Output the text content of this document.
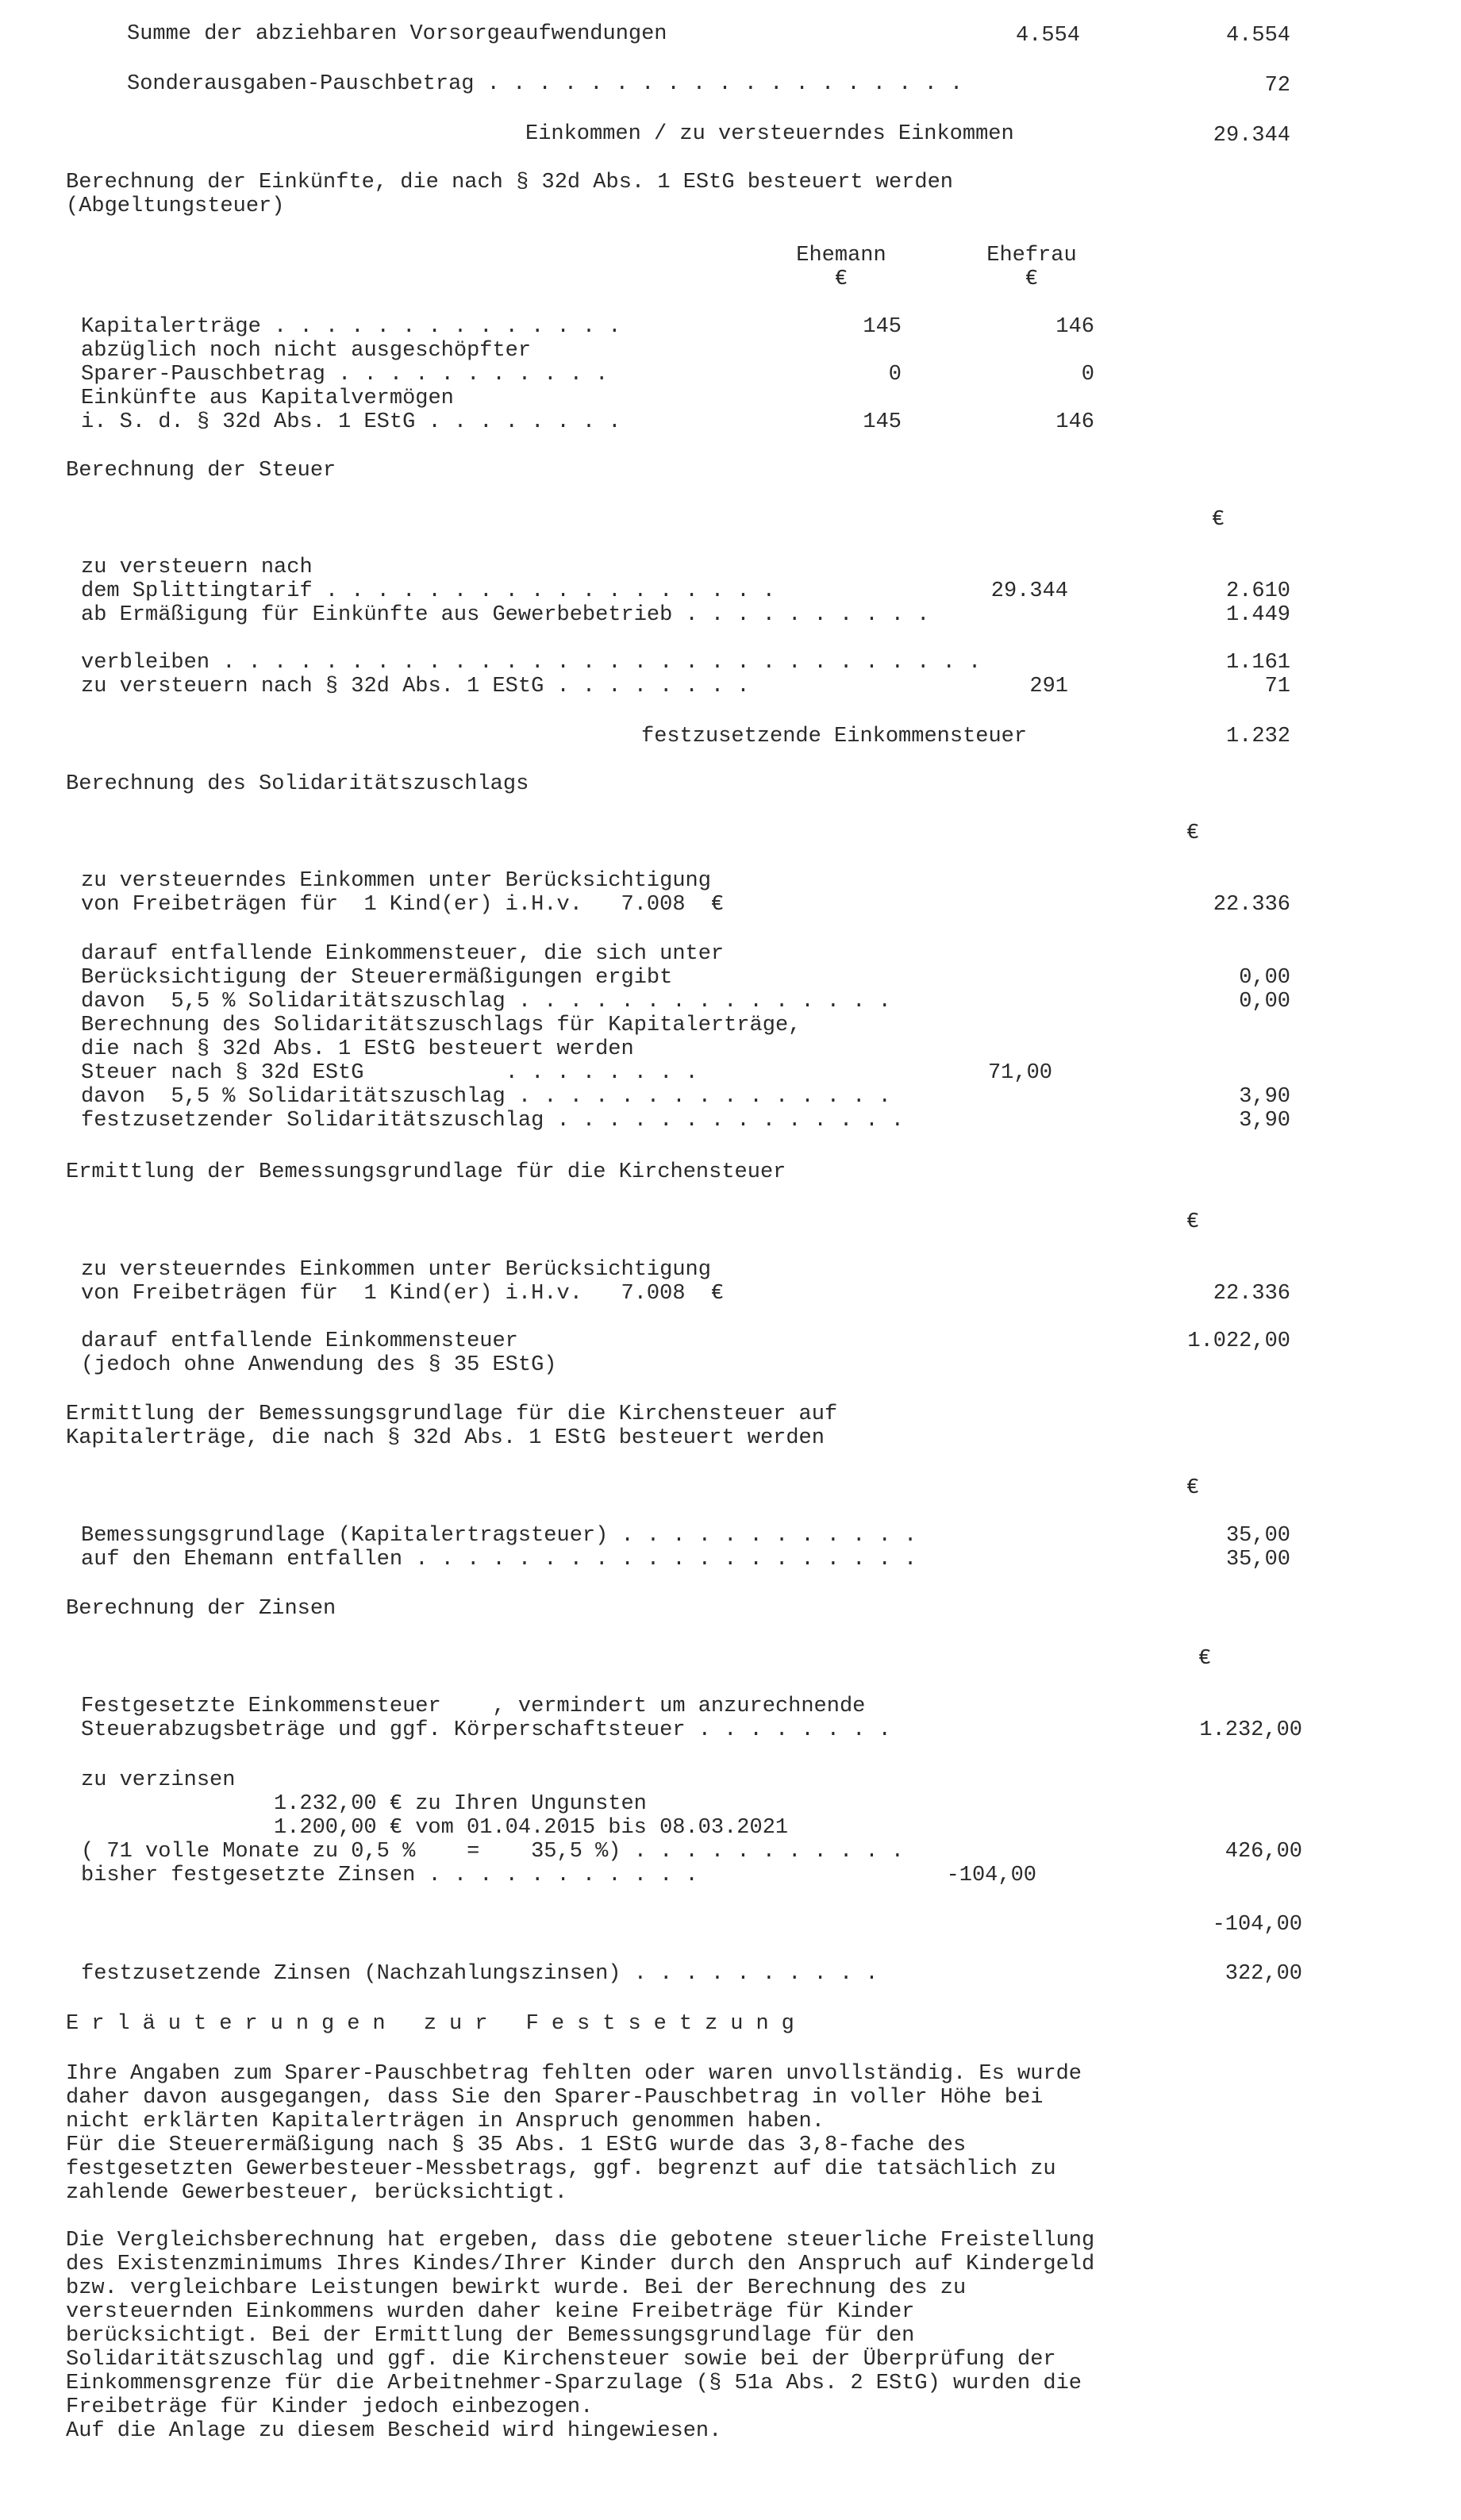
Summe der abziehbaren Vorsorgeaufwendungen	4.554	4.554
Sonderausgaben-Pauschbetrag . . . . . . . . . . . . . . . . . . .	72
Einkommen / zu versteuerndes Einkommen	29.344
Berechnung der Einkünfte, die nach § 32d Abs. 1 EStG besteuert werden
(Abgeltungsteuer)
Ehemann	Ehefrau
€	€
Kapitalerträge . . . . . . . . . . . . . .	145	146
abzüglich noch nicht ausgeschöpfter
Sparer-Pauschbetrag . . . . . . . . . . .	0	0
Einkünfte aus Kapitalvermögen
i. S. d. § 32d Abs. 1 EStG . . . . . . . .	145	146
Berechnung der Steuer
€
zu versteuern nach
dem Splittingtarif . . . . . . . . . . . . . . . . . .	29.344	2.610
ab Ermäßigung für Einkünfte aus Gewerbebetrieb . . . . . . . . . .	1.449
verbleiben . . . . . . . . . . . . . . . . . . . . . . . . . . . . . .	1.161
zu versteuern nach § 32d Abs. 1 EStG . . . . . . . .	291	71
festzusetzende Einkommensteuer	1.232
Berechnung des Solidaritätszuschlags
€
zu versteuerndes Einkommen unter Berücksichtigung
von Freibeträgen für  1 Kind(er) i.H.v.   7.008  €	22.336
darauf entfallende Einkommensteuer, die sich unter
Berücksichtigung der Steuerermäßigungen ergibt	0,00
davon  5,5 % Solidaritätszuschlag . . . . . . . . . . . . . . .	0,00
Berechnung des Solidaritätszuschlags für Kapitalerträge,
die nach § 32d Abs. 1 EStG besteuert werden
Steuer nach § 32d EStG           . . . . . . . .	71,00
davon  5,5 % Solidaritätszuschlag . . . . . . . . . . . . . . .	3,90
festzusetzender Solidaritätszuschlag . . . . . . . . . . . . . .	3,90
Ermittlung der Bemessungsgrundlage für die Kirchensteuer
€
zu versteuerndes Einkommen unter Berücksichtigung
von Freibeträgen für  1 Kind(er) i.H.v.   7.008  €	22.336
darauf entfallende Einkommensteuer	1.022,00
(jedoch ohne Anwendung des § 35 EStG)
Ermittlung der Bemessungsgrundlage für die Kirchensteuer auf
Kapitalerträge, die nach § 32d Abs. 1 EStG besteuert werden
€
Bemessungsgrundlage (Kapitalertragsteuer) . . . . . . . . . . . .	35,00
auf den Ehemann entfallen . . . . . . . . . . . . . . . . . . . .	35,00
Berechnung der Zinsen
€
Festgesetzte Einkommensteuer    , vermindert um anzurechnende
Steuerabzugsbeträge und ggf. Körperschaftsteuer . . . . . . . .	1.232,00
zu verzinsen
1.232,00 € zu Ihren Ungunsten
1.200,00 € vom 01.04.2015 bis 08.03.2021
( 71 volle Monate zu 0,5 %    =    35,5 %) . . . . . . . . . . .	426,00
bisher festgesetzte Zinsen . . . . . . . . . . .	-104,00
-104,00
festzusetzende Zinsen (Nachzahlungszinsen) . . . . . . . . . .	322,00
Erläuterungen zur Festsetzung
Ihre Angaben zum Sparer-Pauschbetrag fehlten oder waren unvollständig. Es wurde
daher davon ausgegangen, dass Sie den Sparer-Pauschbetrag in voller Höhe bei
nicht erklärten Kapitalerträgen in Anspruch genommen haben.
Für die Steuerermäßigung nach § 35 Abs. 1 EStG wurde das 3,8-fache des
festgesetzten Gewerbesteuer-Messbetrags, ggf. begrenzt auf die tatsächlich zu
zahlende Gewerbesteuer, berücksichtigt.
Die Vergleichsberechnung hat ergeben, dass die gebotene steuerliche Freistellung
des Existenzminimums Ihres Kindes/Ihrer Kinder durch den Anspruch auf Kindergeld
bzw. vergleichbare Leistungen bewirkt wurde. Bei der Berechnung des zu
versteuernden Einkommens wurden daher keine Freibeträge für Kinder
berücksichtigt. Bei der Ermittlung der Bemessungsgrundlage für den
Solidaritätszuschlag und ggf. die Kirchensteuer sowie bei der Überprüfung der
Einkommensgrenze für die Arbeitnehmer-Sparzulage (§ 51a Abs. 2 EStG) wurden die
Freibeträge für Kinder jedoch einbezogen.
Auf die Anlage zu diesem Bescheid wird hingewiesen.
